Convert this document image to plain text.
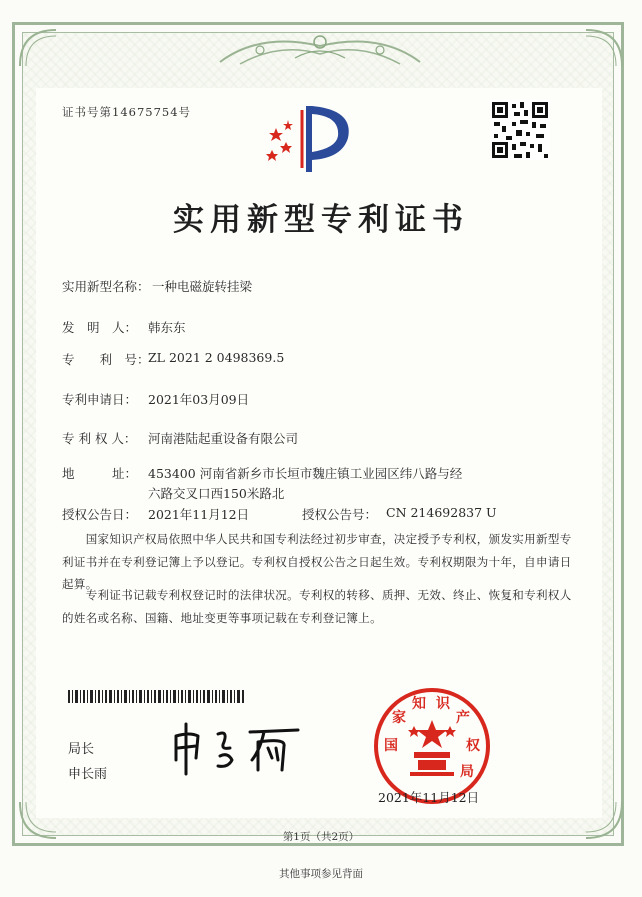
证书号第14675754号
实用新型专利证书
实用新型名称： 一种电磁旋转挂梁
发　明　人： 韩东东
专　　利　号：
ZL 2021 2 0498369.5
专利申请日： 2021年03月09日
专 利 权 人： 河南港陆起重设备有限公司
地　　　址： 453400 河南省新乡市长垣市魏庄镇工业园区纬八路与经
六路交叉口西150米路北
授权公告日： 2021年11月12日	授权公告号： CN 214692837 U
　　国家知识产权局依照中华人民共和国专利法经过初步审查，决定授予专利权，颁发实用新型专利证书并在专利登记簿上予以登记。专利权自授权公告之日起生效。专利权期限为十年，自申请日起算。
　　专利证书记载专利权登记时的法律状况。专利权的转移、质押、无效、终止、恢复和专利权人的姓名或名称、国籍、地址变更等事项记载在专利登记簿上。
局长
申长雨
国
家
知 识
产
权
局
2021年11月12日
第1页（共2页）
其他事项参见背面
